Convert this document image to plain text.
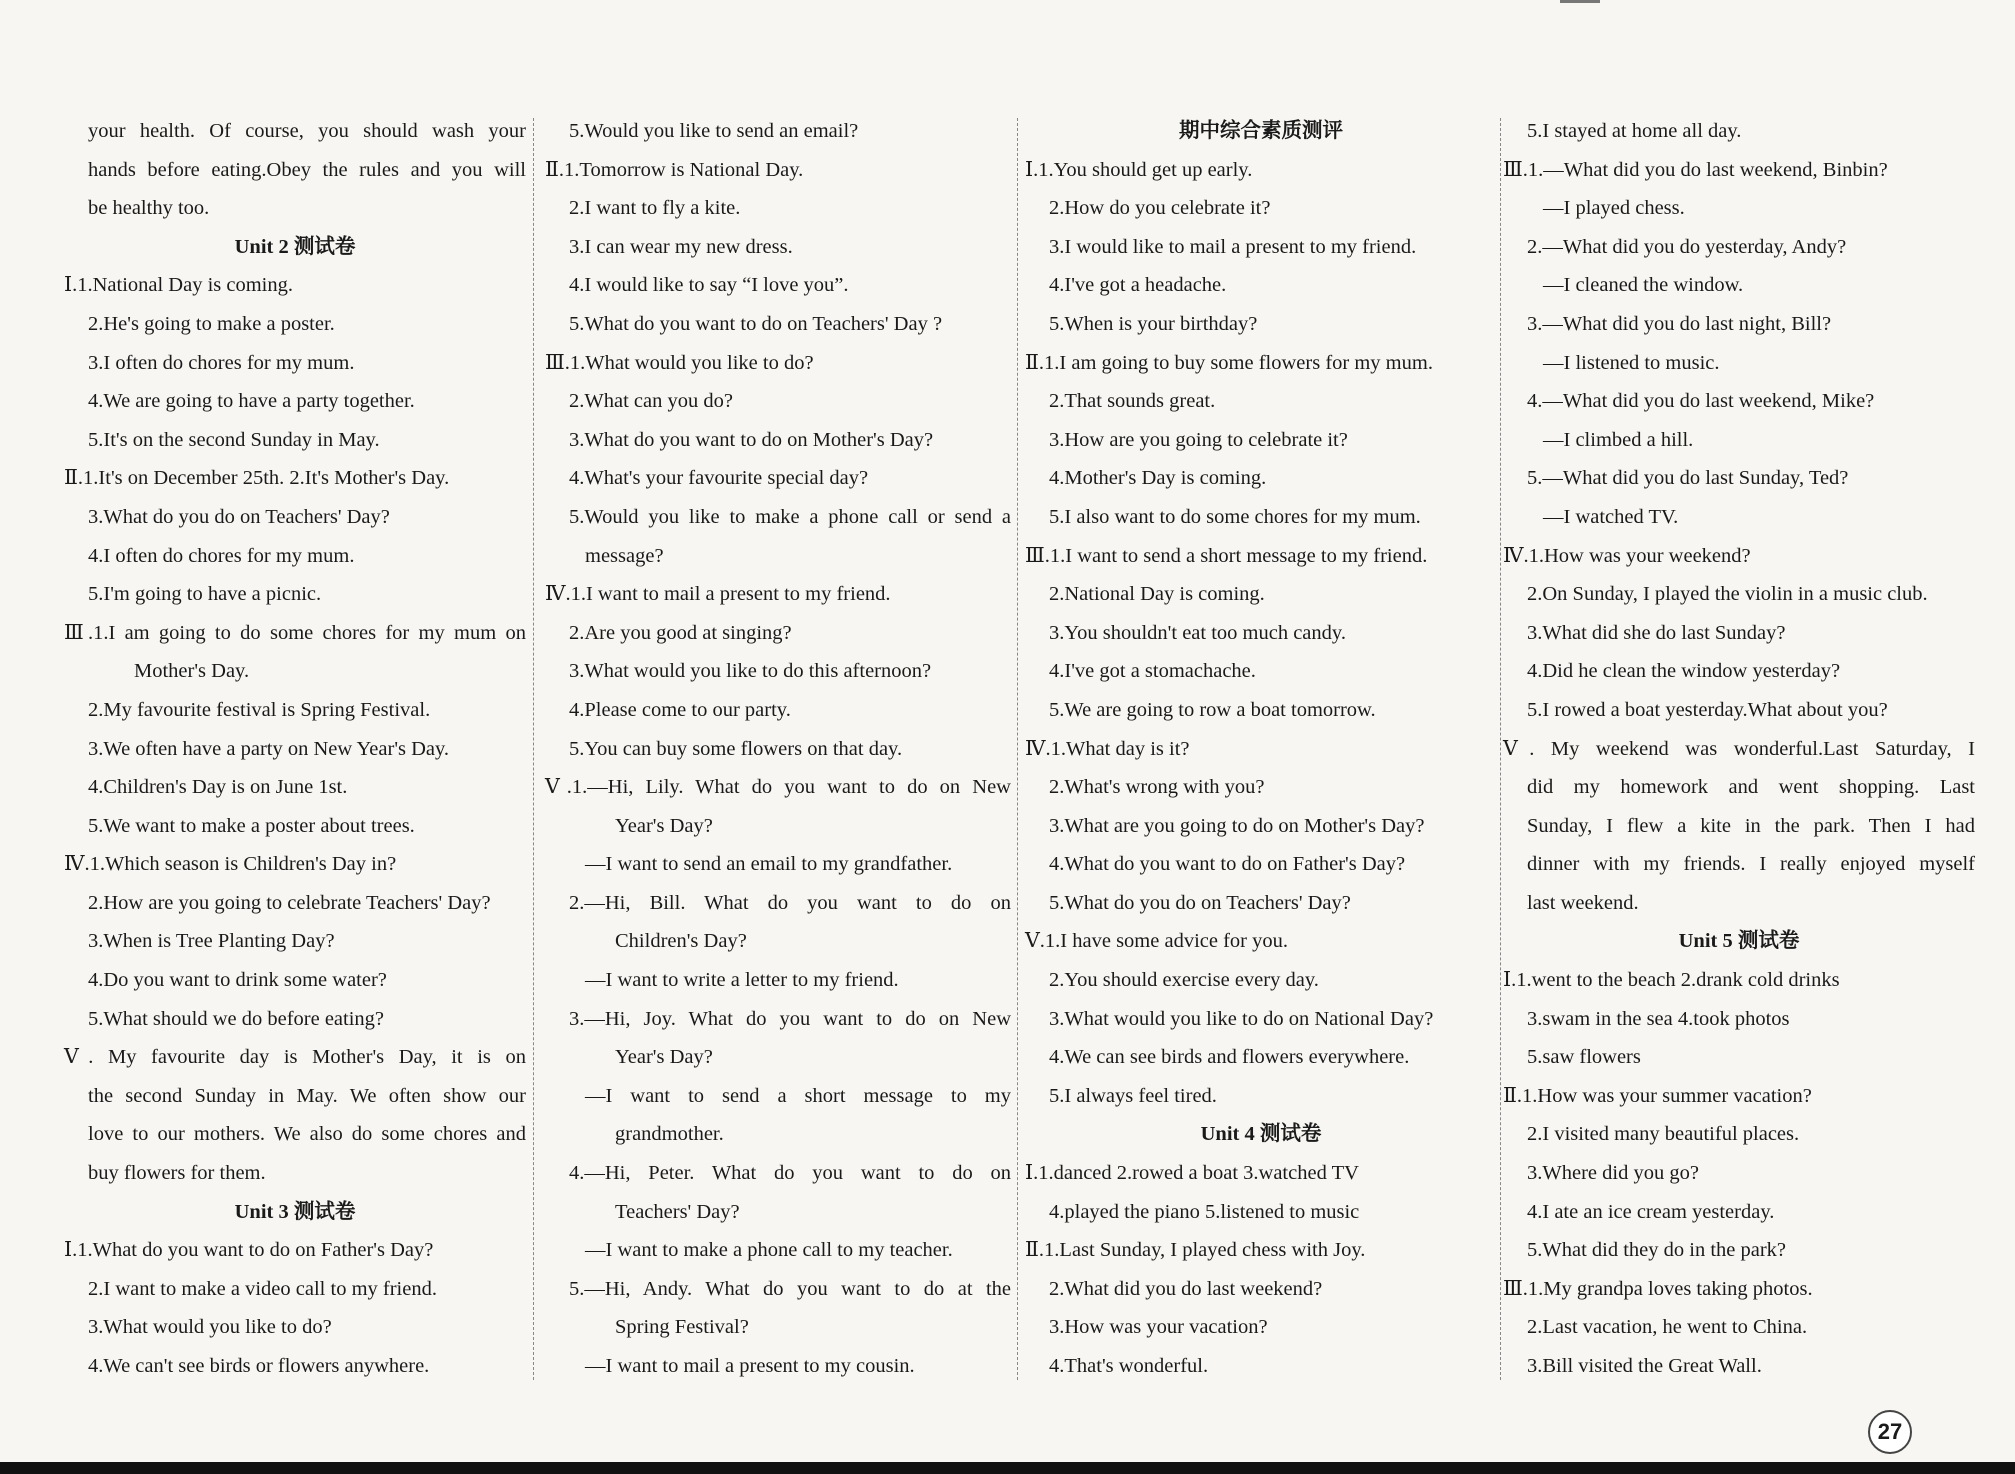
your health. Of course, you should wash your
hands before eating.Obey the rules and you will
be healthy too.
Unit 2 测试卷
Ⅰ.1.National Day is coming.
2.He's going to make a poster.
3.I often do chores for my mum.
4.We are going to have a party together.
5.It's on the second Sunday in May.
Ⅱ.1.It's on December 25th. 2.It's Mother's Day.
3.What do you do on Teachers' Day?
4.I often do chores for my mum.
5.I'm going to have a picnic.
Ⅲ.1.I am going to do some chores for my mum on
Mother's Day.
2.My favourite festival is Spring Festival.
3.We often have a party on New Year's Day.
4.Children's Day is on June 1st.
5.We want to make a poster about trees.
Ⅳ.1.Which season is Children's Day in?
2.How are you going to celebrate Teachers' Day?
3.When is Tree Planting Day?
4.Do you want to drink some water?
5.What should we do before eating?
Ⅴ. My favourite day is Mother's Day, it is on
the second Sunday in May. We often show our
love to our mothers. We also do some chores and
buy flowers for them.
Unit 3 测试卷
Ⅰ.1.What do you want to do on Father's Day?
2.I want to make a video call to my friend.
3.What would you like to do?
4.We can't see birds or flowers anywhere.
5.Would you like to send an email?
Ⅱ.1.Tomorrow is National Day.
2.I want to fly a kite.
3.I can wear my new dress.
4.I would like to say “I love you”.
5.What do you want to do on Teachers' Day ?
Ⅲ.1.What would you like to do?
2.What can you do?
3.What do you want to do on Mother's Day?
4.What's your favourite special day?
5.Would you like to make a phone call or send a
message?
Ⅳ.1.I want to mail a present to my friend.
2.Are you good at singing?
3.What would you like to do this afternoon?
4.Please come to our party.
5.You can buy some flowers on that day.
Ⅴ.1.—Hi, Lily. What do you want to do on New
Year's Day?
—I want to send an email to my grandfather.
2.—Hi, Bill. What do you want to do on
Children's Day?
—I want to write a letter to my friend.
3.—Hi, Joy. What do you want to do on New
Year's Day?
—I want to send a short message to my
grandmother.
4.—Hi, Peter. What do you want to do on
Teachers' Day?
—I want to make a phone call to my teacher.
5.—Hi, Andy. What do you want to do at the
Spring Festival?
—I want to mail a present to my cousin.
期中综合素质测评
Ⅰ.1.You should get up early.
2.How do you celebrate it?
3.I would like to mail a present to my friend.
4.I've got a headache.
5.When is your birthday?
Ⅱ.1.I am going to buy some flowers for my mum.
2.That sounds great.
3.How are you going to celebrate it?
4.Mother's Day is coming.
5.I also want to do some chores for my mum.
Ⅲ.1.I want to send a short message to my friend.
2.National Day is coming.
3.You shouldn't eat too much candy.
4.I've got a stomachache.
5.We are going to row a boat tomorrow.
Ⅳ.1.What day is it?
2.What's wrong with you?
3.What are you going to do on Mother's Day?
4.What do you want to do on Father's Day?
5.What do you do on Teachers' Day?
Ⅴ.1.I have some advice for you.
2.You should exercise every day.
3.What would you like to do on National Day?
4.We can see birds and flowers everywhere.
5.I always feel tired.
Unit 4 测试卷
Ⅰ.1.danced 2.rowed a boat 3.watched TV
4.played the piano 5.listened to music
Ⅱ.1.Last Sunday, I played chess with Joy.
2.What did you do last weekend?
3.How was your vacation?
4.That's wonderful.
5.I stayed at home all day.
Ⅲ.1.—What did you do last weekend, Binbin?
—I played chess.
2.—What did you do yesterday, Andy?
—I cleaned the window.
3.—What did you do last night, Bill?
—I listened to music.
4.—What did you do last weekend, Mike?
—I climbed a hill.
5.—What did you do last Sunday, Ted?
—I watched TV.
Ⅳ.1.How was your weekend?
2.On Sunday, I played the violin in a music club.
3.What did she do last Sunday?
4.Did he clean the window yesterday?
5.I rowed a boat yesterday.What about you?
Ⅴ. My weekend was wonderful.Last Saturday, I
did my homework and went shopping. Last
Sunday, I flew a kite in the park. Then I had
dinner with my friends. I really enjoyed myself
last weekend.
Unit 5 测试卷
Ⅰ.1.went to the beach 2.drank cold drinks
3.swam in the sea 4.took photos
5.saw flowers
Ⅱ.1.How was your summer vacation?
2.I visited many beautiful places.
3.Where did you go?
4.I ate an ice cream yesterday.
5.What did they do in the park?
Ⅲ.1.My grandpa loves taking photos.
2.Last vacation, he went to China.
3.Bill visited the Great Wall.
27
